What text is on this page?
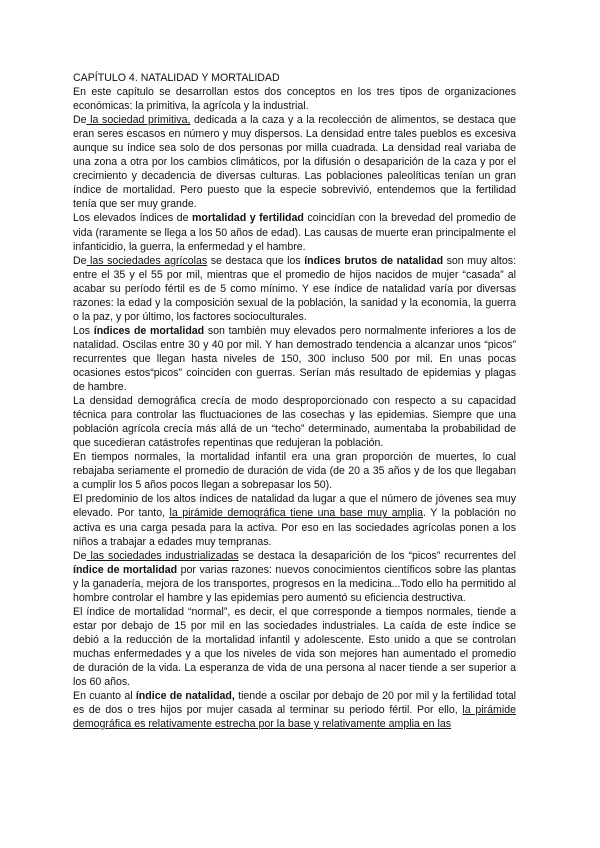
CAPÍTULO 4. NATALIDAD Y MORTALIDAD

En este capítulo se desarrollan estos dos conceptos en los tres tipos de organizaciones económicas: la primitiva, la agrícola y la industrial.

De la sociedad primitiva, dedicada a la caza y a la recolección de alimentos, se destaca que eran seres escasos en número y muy dispersos. La densidad entre tales pueblos es excesiva aunque su índice sea solo de dos personas por milla cuadrada. La densidad real variaba de una zona a otra por los cambios climáticos, por la difusión o desaparición de la caza y por el crecimiento y decadencia de diversas culturas. Las poblaciones paleolíticas tenían un gran índice de mortalidad. Pero puesto que la especie sobrevivió, entendemos que la fertilidad tenía que ser muy grande.

Los elevados índices de mortalidad y fertilidad coincidían con la brevedad del promedio de vida (raramente se llega a los 50 años de edad). Las causas de muerte eran principalmente el infanticidio, la guerra, la enfermedad y el hambre.

De las sociedades agrícolas se destaca que los índices brutos de natalidad son muy altos: entre el 35 y el 55 por mil, mientras que el promedio de hijos nacidos de mujer “casada” al acabar su período fértil es de 5 como mínimo. Y ese índice de natalidad varía por diversas razones: la edad y la composición sexual de la población, la sanidad y la economía, la guerra o la paz, y por último, los factores socioculturales.

Los índices de mortalidad son también muy elevados pero normalmente inferiores a los de natalidad. Oscilas entre 30 y 40 por mil. Y han demostrado tendencia a alcanzar unos “picos” recurrentes que llegan hasta niveles de 150, 300 incluso 500 por mil. En unas pocas ocasiones estos“picos” coinciden con guerras. Serían más resultado de epidemias y plagas de hambre.

La densidad demográfica crecía de modo desproporcionado con respecto a su capacidad técnica para controlar las fluctuaciones de las cosechas y las epidemias. Siempre que una población agrícola crecía más allá de un “techo” determinado, aumentaba la probabilidad de que sucedieran catástrofes repentinas que redujeran la población.

En tiempos normales, la mortalidad infantil era una gran proporción de muertes, lo cual rebajaba seriamente el promedio de duración de vida (de 20 a 35 años y de los que llegaban a cumplir los 5 años pocos llegan a sobrepasar los 50).

El predominio de los altos índices de natalidad da lugar a que el número de jóvenes sea muy elevado. Por tanto, la pirámide demográfica tiene una base muy amplia. Y la población no activa es una carga pesada para la activa. Por eso en las sociedades agrícolas ponen a los niños a trabajar a edades muy tempranas.

De las sociedades industrializadas se destaca la desaparición de los “picos” recurrentes del índice de mortalidad por varias razones: nuevos conocimientos científicos sobre las plantas y la ganadería, mejora de los transportes, progresos en la medicina...Todo ello ha permitido al hombre controlar el hambre y las epidemias pero aumentó su eficiencia destructiva.

El índice de mortalidad “normal”, es decir, el que corresponde a tiempos normales, tiende a estar por debajo de 15 por mil en las sociedades industriales. La caída de este índice se debió a la reducción de la mortalidad infantil y adolescente. Esto unido a que se controlan muchas enfermedades y a que los niveles de vida son mejores han aumentado el promedio de duración de la vida. La esperanza de vida de una persona al nacer tiende a ser superior a los 60 años.

En cuanto al índice de natalidad, tiende a oscilar por debajo de 20 por mil y la fertilidad total es de dos o tres hijos por mujer casada al terminar su periodo fértil. Por ello, la pirámide demográfica es relativamente estrecha por la base y relativamente amplia en las
